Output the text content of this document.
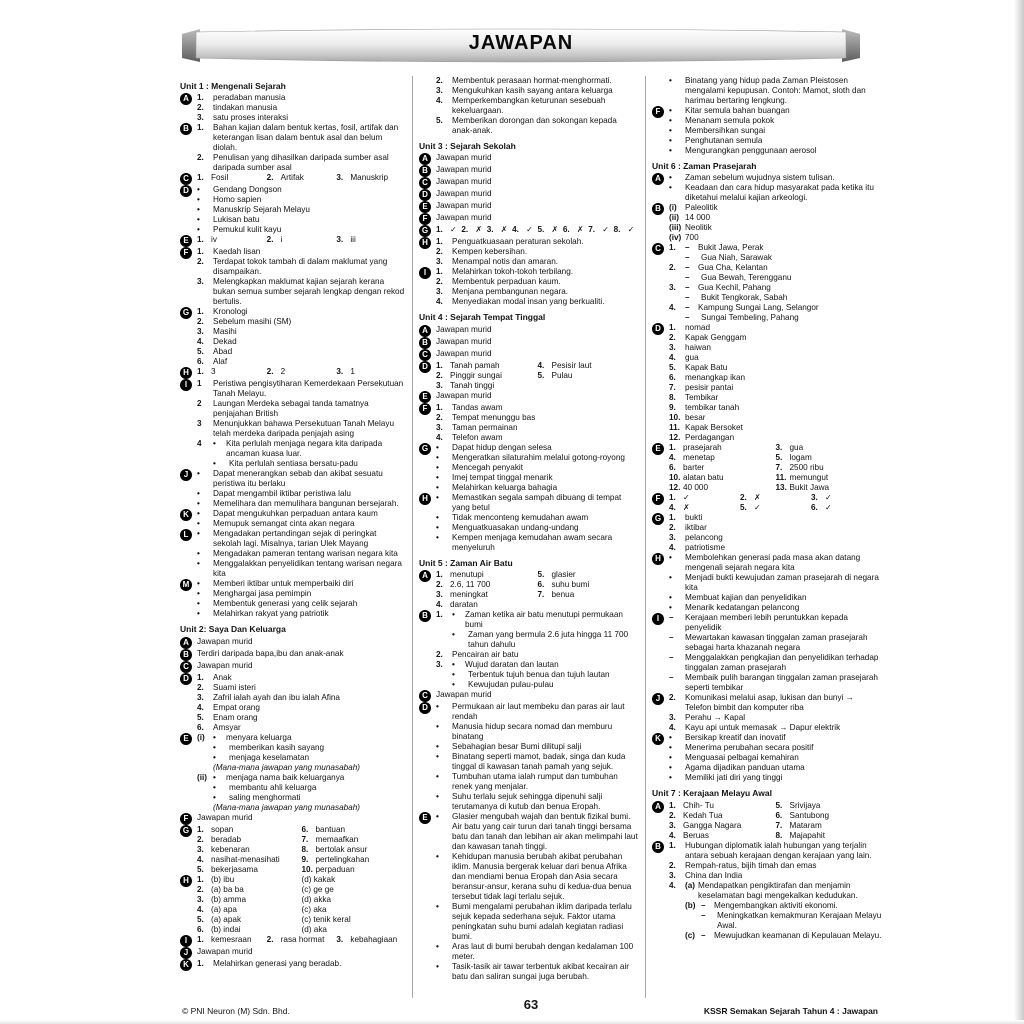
JAWAPAN
Unit 1 : Mengenali Sejarah
A 1.	peradaban manusia
2.	tindakan manusia
3.	satu proses interaksi
B 1.	Bahan kajian dalam bentuk kertas, fosil, artifak dan keterangan lisan dalam bentuk asal dan belum diolah.
2.	Penulisan yang dihasilkan daripada sumber asal daripada sumber asal
C 1. Fosil	2. Artifak	3. Manuskrip
D •	Gendang Dongson
•	Homo sapien
•	Manuskrip Sejarah Melayu
•	Lukisan batu
•	Pemukul kulit kayu
E	1. iv	2. i	3. iii
F	1.	Kaedah lisan
2.	Terdapat tokok tambah di dalam maklumat yang disampaikan.
3.	Melengkapkan maklumat kajian sejarah kerana bukan semua sumber sejarah lengkap dengan rekod bertulis.
G 1.	Kronologi
2.	Sebelum masihi (SM)
3.	Masihi
4.	Dekad
5.	Abad
6.	Alaf
H 1. 3	2. 2	3. 1
I	1	Peristiwa pengisytiharan Kemerdekaan Persekutuan Tanah Melayu.
2	Laungan Merdeka sebagai tanda tamatnya penjajahan British
3	Menunjukkan bahawa Persekutuan Tanah Melayu telah merdeka daripada penjajah asing
4	•	Kita perlulah menjaga negara kita daripada ancaman kuasa luar.
•	Kita perlulah sentiasa bersatu-padu
J	•	Dapat menerangkan sebab dan akibat sesuatu peristiwa itu berlaku
•	Dapat mengambil iktibar peristiwa lalu
•	Memelihara dan memulihara bangunan bersejarah.
K •	Dapat mengukuhkan perpaduan antara kaum
•	Memupuk semangat cinta akan negara
L	•	Mengadakan pertandingan sejak di peringkat sekolah lagi. Misalnya, tarian Ulek Mayang
•	Mengadakan pameran tentang warisan negara kita
•	Menggalakkan penyelidikan tentang warisan negara kita
M •	Memberi iktibar untuk memperbaiki diri
•	Menghargai jasa pemimpin
•	Membentuk generasi yang celik sejarah
•	Melahirkan rakyat yang patriotik
Unit 2: Saya Dan Keluarga
A Jawapan murid
B Terdiri daripada bapa,ibu dan anak-anak
C Jawapan murid
D 1.	Anak
2.	Suami isteri
3.	Zafril ialah ayah dan ibu ialah Afina
4.	Empat orang
5.	Enam orang
6.	Amsyar
E	(i)	•	menyara keluarga
•	memberikan kasih sayang
•	menjaga keselamatan
(Mana-mana jawapan yang munasabah)
(ii) •	menjaga nama baik keluarganya
•	membantu ahli keluarga
•	saling menghormati
(Mana-mana jawapan yang munasabah)
F	Jawapan murid
G 1. sopan	6. bantuan
2. beradab	7. memaafkan
3. kebenaran	8. bertolak ansur
4. nasihat-menasihati	9. pertelingkahan
5. bekerjasama	10. perpaduan
H 1. (b) ibu	(d) kakak
2. (a) ba ba	(c) ge ge
3. (b) amma	(d) akka
4. (a) apa	(c) aka
5. (a) apak	(c) tenik keral
6. (b) indai	(d) aka
I	1. kemesraan	2. rasa hormat	3. kebahagiaan
J	Jawapan murid
K 1.	Melahirkan generasi yang beradab.
2.	Membentuk perasaan hormat-menghormati.
3.	Mengukuhkan kasih sayang antara keluarga
4.	Memperkembangkan keturunan sesebuah kekeluargaan.
5.	Memberikan dorongan dan sokongan kepada anak-anak.
Unit 3 : Sejarah Sekolah
A Jawapan murid
B Jawapan murid
C Jawapan murid
D Jawapan murid
E	Jawapan murid
F	Jawapan murid
G 1. ✓ 2. ✗ 3. ✗ 4. ✓ 5. ✗ 6. ✗ 7. ✓ 8. ✓
H 1.	Penguatkuasaan peraturan sekolah.
2.	Kempen kebersihan.
3.	Menampal notis dan amaran.
I	1.	Melahirkan tokoh-tokoh terbilang.
2.	Membentuk perpaduan kaum.
3.	Menjana pembangunan negara.
4.	Menyediakan modal insan yang berkualiti.
Unit 4 : Sejarah Tempat Tinggal
A Jawapan murid
B Jawapan murid
C Jawapan murid
D 1. Tanah pamah	4. Pesisir laut
2. Pinggir sungai	5. Pulau
3. Tanah tinggi
E	Jawapan murid
F	1.	Tandas awam
2.	Tempat menunggu bas
3.	Taman permainan
4.	Telefon awam
G •	Dapat hidup dengan selesa
•	Mengeratkan silaturahim melalui gotong-royong
•	Mencegah penyakit
•	Imej tempat tinggal menarik
•	Melahirkan keluarga bahagia
H •	Memastikan segala sampah dibuang di tempat yang betul
•	Tidak menconteng kemudahan awam
•	Menguatkuasakan undang-undang
•	Kempen menjaga kemudahan awam secara menyeluruh
Unit 5 : Zaman Air Batu
A 1. menutupi	5. glasier
2. 2.6, 11 700	6. suhu bumi
3. meningkat	7. benua
4. daratan
B 1.	•	Zaman ketika air batu menutupi permukaan bumi
•	Zaman yang bermula 2.6 juta hingga 11 700 tahun dahulu
2.	Pencairan air batu
3.	•	Wujud daratan dan lautan
•	Terbentuk tujuh benua dan tujuh lautan
•	Kewujudan pulau-pulau
C Jawapan murid
D •	Permukaan air laut membeku dan paras air laut rendah
•	Manusia hidup secara nomad dan memburu binatang
•	Sebahagian besar Bumi dilitupi salji
•	Binatang seperti mamot, badak, singa dan kuda tinggal di kawasan tanah pamah yang sejuk.
•	Tumbuhan utama ialah rumput dan tumbuhan renek yang menjalar.
•	Suhu terlalu sejuk sehingga dipenuhi salji terutamanya di kutub dan benua Eropah.
E	•	Glasier mengubah wajah dan bentuk fizikal bumi. Air batu yang cair turun dari tanah tinggi bersama batu dan tanah dan lebihan air akan melimpahi laut dan kawasan tanah tinggi.
•	Kehidupan manusia berubah akibat perubahan iklim. Manusia bergerak keluar dari benua Afrika dan mendiami benua Eropah dan Asia secara beransur-ansur, kerana suhu di kedua-dua benua tersebut tidak lagi terlalu sejuk.
•	Bumi mengalami perubahan iklim daripada terlalu sejuk kepada sederhana sejuk. Faktor utama peningkatan suhu bumi adalah kegiatan radiasi bumi.
•	Aras laut di bumi berubah dengan kedalaman 100 meter.
•	Tasik-tasik air tawar terbentuk akibat kecairan air batu dan saliran sungai juga berubah.
•	Binatang yang hidup pada Zaman Pleistosen mengalami kepupusan. Contoh: Mamot, sloth dan harimau bertaring lengkung.
F	•	Kitar semula bahan buangan
•	Menanam semula pokok
•	Membersihkan sungai
•	Penghutanan semula
•	Mengurangkan penggunaan aerosol
Unit 6 : Zaman Prasejarah
A •	Zaman sebelum wujudnya sistem tulisan.
•	Keadaan dan cara hidup masyarakat pada ketika itu diketahui melalui kajian arkeologi.
B (i)	Paleolitik
(ii) 14 000
(iii) Neolitik
(iv) 700
C 1.	–	Bukit Jawa, Perak
–	Gua Niah, Sarawak
2.	–	Gua Cha, Kelantan
–	Gua Bewah, Terengganu
3.	–	Gua Kechil, Pahang
–	Bukit Tengkorak, Sabah
4.	–	Kampung Sungai Lang, Selangor
–	Sungai Tembeling, Pahang
D 1.	nomad
2.	Kapak Genggam
3.	haiwan
4.	gua
5.	Kapak Batu
6.	menangkap ikan
7.	pesisir pantai
8.	Tembikar
9.	tembikar tanah
10. besar
11. Kapak Bersoket
12. Perdagangan
E	1. prasejarah	3. gua
4. menetap	5. logam
6. barter	7. 2500 ribu
10. alatan batu	11. memungut
12. 40 000	13. Bukit Jawa
F	1. ✓	2. ✗	3. ✓
4. ✗	5. ✓	6. ✓
G 1.	bukti
2.	iktibar
3.	pelancong
4.	patriotisme
H •	Membolehkan generasi pada masa akan datang mengenali sejarah negara kita
•	Menjadi bukti kewujudan zaman prasejarah di negara kita
•	Membuat kajian dan penyelidikan
•	Menarik kedatangan pelancong
I	–	Kerajaan memberi lebih peruntukkan kepada penyelidik
–	Mewartakan kawasan tinggalan zaman prasejarah sebagai harta khazanah negara
–	Menggalakkan pengkajian dan penyelidikan terhadap tinggalan zaman prasejarah
–	Membaik pulih barangan tinggalan zaman prasejarah seperti tembikar
J	2.	Komunikasi melalui asap, lukisan dan bunyi → Telefon bimbit dan komputer riba
3.	Perahu → Kapal
4.	Kayu api untuk memasak → Dapur elektrik
K •	Bersikap kreatif dan inovatif
•	Menerima perubahan secara positif
•	Menguasai pelbagai kemahiran
•	Agama dijadikan panduan utama
•	Memiliki jati diri yang tinggi
Unit 7 : Kerajaan Melayu Awal
A 1. Chih- Tu	5. Srivijaya
2. Kedah Tua	6. Santubong
3. Gangga Nagara	7. Mataram
4. Beruas	8. Majapahit
B 1.	Hubungan diplomatik ialah hubungan yang terjalin antara sebuah kerajaan dengan kerajaan yang lain.
2.	Rempah-ratus, bijih timah dan emas
3.	China dan India
4.	(a) Mendapatkan pengiktirafan dan menjamin keselamatan bagi mengekalkan kedudukan.
(b) –	Mengembangkan aktiviti ekonomi.
–	Meningkatkan kemakmuran Kerajaan Melayu Awal.
(c) –	Mewujudkan keamanan di Kepulauan Melayu.
© PNI Neuron (M) Sdn. Bhd.	63	KSSR Semakan Sejarah Tahun 4 : Jawapan
